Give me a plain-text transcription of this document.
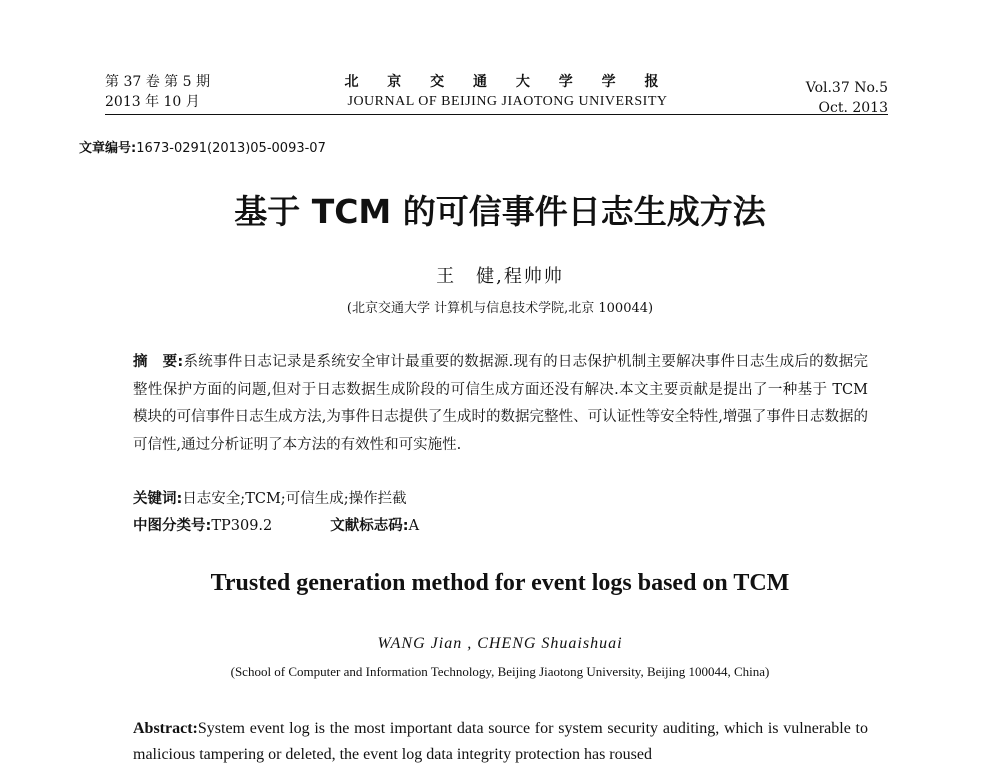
第 37 卷 第 5 期
2013 年 10 月
北 京 交 通 大 学 学 报
JOURNAL OF BEIJING JIAOTONG UNIVERSITY
Vol.37 No.5
Oct. 2013
文章编号:1673-0291(2013)05-0093-07
基于 TCM 的可信事件日志生成方法
王　健,程帅帅
(北京交通大学 计算机与信息技术学院,北京 100044)
摘　要:系统事件日志记录是系统安全审计最重要的数据源.现有的日志保护机制主要解决事件日志生成后的数据完整性保护方面的问题,但对于日志数据生成阶段的可信生成方面还没有解决.本文主要贡献是提出了一种基于 TCM 模块的可信事件日志生成方法,为事件日志提供了生成时的数据完整性、可认证性等安全特性,增强了事件日志数据的可信性,通过分析证明了本方法的有效性和可实施性.
关键词:日志安全;TCM;可信生成;操作拦截
中图分类号:TP309.2	文献标志码:A
Trusted generation method for event logs based on TCM
WANG Jian , CHENG Shuaishuai
(School of Computer and Information Technology, Beijing Jiaotong University, Beijing 100044, China)
Abstract:System event log is the most important data source for system security auditing, which is vulnerable to malicious tampering or deleted, the event log data integrity protection has roused
